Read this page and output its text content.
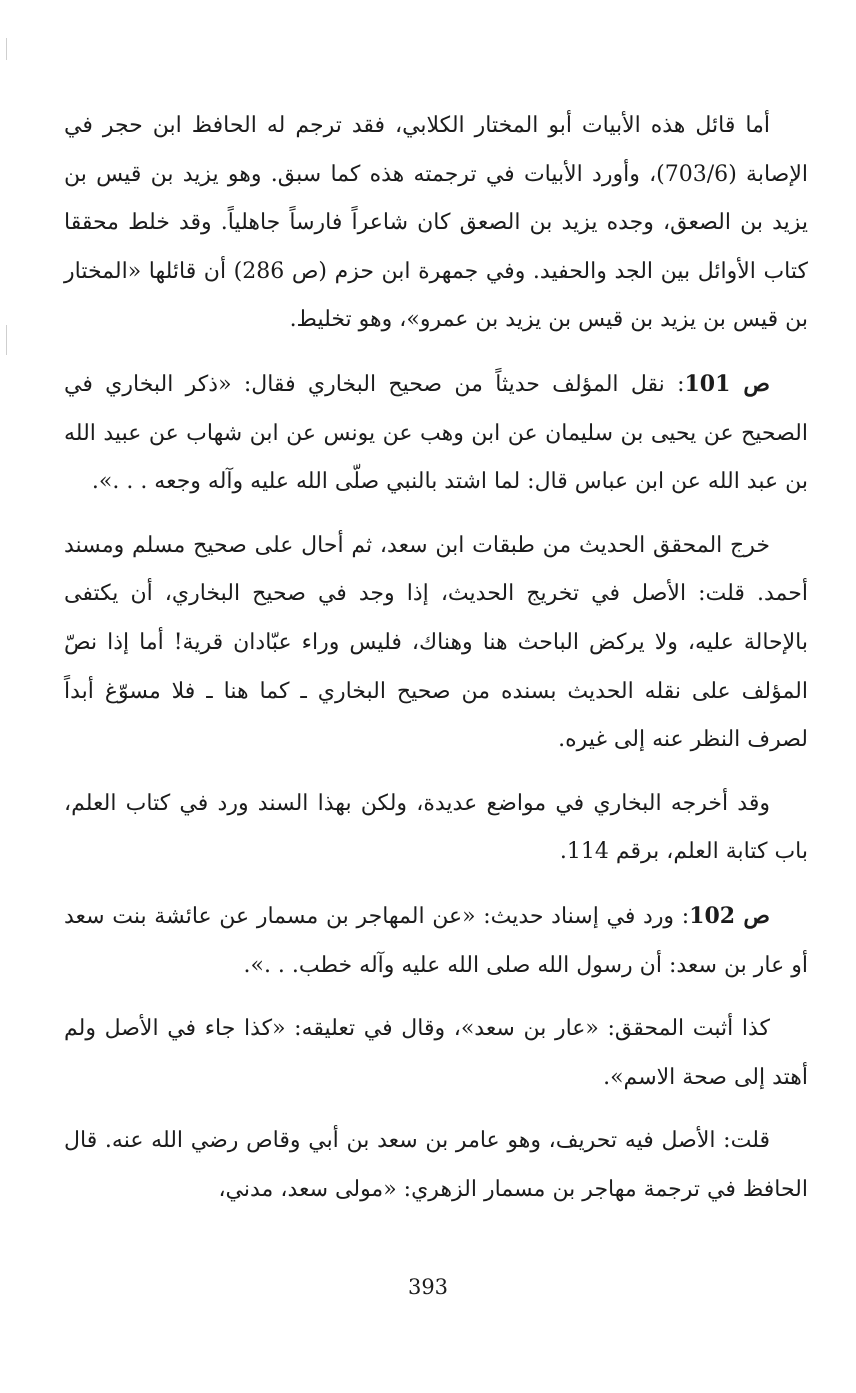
أما قائل هذه الأبيات أبو المختار الكلابي، فقد ترجم له الحافظ ابن حجر في الإصابة (703/6)، وأورد الأبيات في ترجمته هذه كما سبق. وهو يزيد بن قيس بن يزيد بن الصعق، وجده يزيد بن الصعق كان شاعراً فارساً جاهلياً. وقد خلط محققا كتاب الأوائل بين الجد والحفيد. وفي جمهرة ابن حزم (ص 286) أن قائلها «المختار بن قيس بن يزيد بن قيس بن يزيد بن عمرو»، وهو تخليط.

ص 101: نقل المؤلف حديثاً من صحيح البخاري فقال: «ذكر البخاري في الصحيح عن يحيى بن سليمان عن ابن وهب عن يونس عن ابن شهاب عن عبيد الله بن عبد الله عن ابن عباس قال: لما اشتد بالنبي صلّى الله عليه وآله وجعه . . .».

خرج المحقق الحديث من طبقات ابن سعد، ثم أحال على صحيح مسلم ومسند أحمد. قلت: الأصل في تخريج الحديث، إذا وجد في صحيح البخاري، أن يكتفى بالإحالة عليه، ولا يركض الباحث هنا وهناك، فليس وراء عبّادان قرية! أما إذا نصّ المؤلف على نقله الحديث بسنده من صحيح البخاري ـ كما هنا ـ فلا مسوّغ أبداً لصرف النظر عنه إلى غيره.

وقد أخرجه البخاري في مواضع عديدة، ولكن بهذا السند ورد في كتاب العلم، باب كتابة العلم، برقم 114.

ص 102: ورد في إسناد حديث: «عن المهاجر بن مسمار عن عائشة بنت سعد أو عار بن سعد: أن رسول الله صلى الله عليه وآله خطب. . .».

كذا أثبت المحقق: «عار بن سعد»، وقال في تعليقه: «كذا جاء في الأصل ولم أهتد إلى صحة الاسم».

قلت: الأصل فيه تحريف، وهو عامر بن سعد بن أبي وقاص رضي الله عنه. قال الحافظ في ترجمة مهاجر بن مسمار الزهري: «مولى سعد، مدني،

393
